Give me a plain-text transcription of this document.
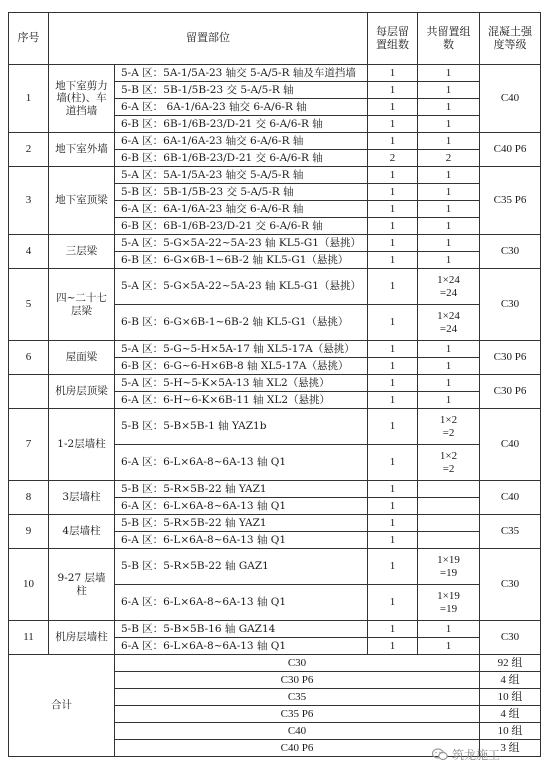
序号	留置部位		每层留置组数	共留置组数	混凝土强度等级
1	地下室剪力墙(柱)、车道挡墙	5-A 区：5A-1/5A-23 轴交 5-A/5-R 轴及车道挡墙	1	1	C40
		5-B 区：5B-1/5B-23 交 5-A/5-R 轴	1	1	
		6-A 区： 6A-1/6A-23 轴交 6-A/6-R 轴	1	1	
		6-B 区：6B-1/6B-23/D-21 交 6-A/6-R 轴	1	1	
2	地下室外墙	6-A 区：6A-1/6A-23 轴交 6-A/6-R 轴	1	1	C40 P6
		6-B 区：6B-1/6B-23/D-21 交 6-A/6-R 轴	2	2	
3	地下室顶梁	5-A 区：5A-1/5A-23 轴交 5-A/5-R 轴	1	1	C35 P6
		5-B 区：5B-1/5B-23 交 5-A/5-R 轴	1	1	
		6-A 区：6A-1/6A-23 轴交 6-A/6-R 轴	1	1	
		6-B 区：6B-1/6B-23/D-21 交 6-A/6-R 轴	1	1	
4	三层梁	5-A 区：5-G×5A-22~5A-23 轴 KL5-G1（悬挑）	1	1	C30
		6-B 区：6-G×6B-1~6B-2 轴 KL5-G1（悬挑）	1	1	
5	四~二十七层梁	5-A 区：5-G×5A-22~5A-23 轴 KL5-G1（悬挑）	1	1×24
=24	C30
		6-B 区：6-G×6B-1~6B-2 轴 KL5-G1（悬挑）	1	1×24
=24	

6	屋面梁	5-A 区：5-G~5-H×5A-17 轴 XL5-17A（悬挑）	1	1	C30 P6
		6-B 区：6-G~6-H×6B-8 轴 XL5-17A（悬挑）	1	1	
	机房层顶梁	5-A 区：5-H~5-K×5A-13 轴 XL2（悬挑）	1	1	C30 P6
		6-A 区：6-H~6-K×6B-11 轴 XL2（悬挑）	1	1	
7	1-2层墙柱	5-B 区：5-B×5B-1 轴 YAZ1b	1	1×2
=2	C40
		6-A 区：6-L×6A-8~6A-13 轴 Q1	1	1×2
=2	

8	3层墙柱	5-B 区：5-R×5B-22 轴 YAZ1	1		C40
		6-A 区：6-L×6A-8~6A-13 轴 Q1	1		
9	4层墙柱	5-B 区：5-R×5B-22 轴 YAZ1	1		C35
		6-A 区：6-L×6A-8~6A-13 轴 Q1	1		
10	9-27 层墙柱	5-B 区：5-R×5B-22 轴 GAZ1	1	1×19
=19	C30
		6-A 区：6-L×6A-8~6A-13 轴 Q1	1	1×19
=19	

11	机房层墙柱	5-B 区：5-B×5B-16 轴 GAZ14	1	1	C30
		6-A 区：6-L×6A-8~6A-13 轴 Q1	1	1	
合计		C30			92 组
		C30 P6			4 组
		C35			10 组
		C35 P6			4 组
		C40			10 组
		C40 P6			3 组
筑龙施工
